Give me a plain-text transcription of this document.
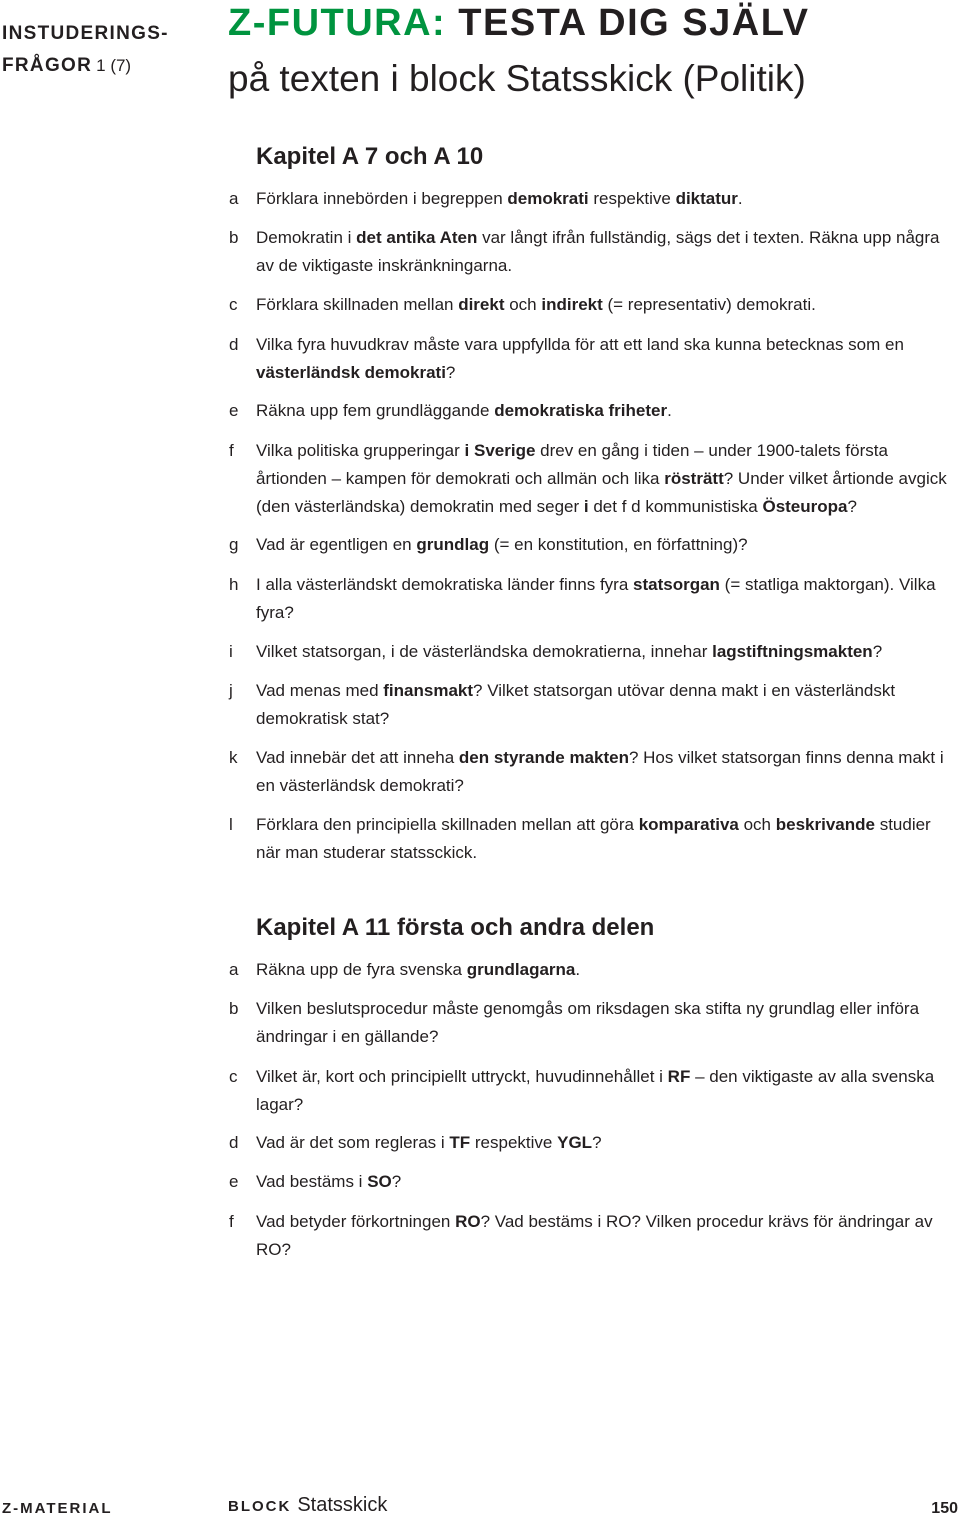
INSTUDERINGS-
FRÅGOR 1 (7)
Z-FUTURA: TESTA DIG SJÄLV
på texten i block Statsskick (Politik)
Kapitel A 7 och A 10
a Förklara innebörden i begreppen demokrati respektive diktatur.
b Demokratin i det antika Aten var långt ifrån fullständig, sägs det i texten. Räkna upp några av de viktigaste inskränkningarna.
c Förklara skillnaden mellan direkt och indirekt (= representativ) demokrati.
d Vilka fyra huvudkrav måste vara uppfyllda för att ett land ska kunna betecknas som en västerländsk demokrati?
e Räkna upp fem grundläggande demokratiska friheter.
f Vilka politiska grupperingar i Sverige drev en gång i tiden – under 1900-talets första årtionden – kampen för demokrati och allmän och lika rösträtt? Under vilket årtionde avgick (den västerländska) demokratin med seger i det f d kommunistiska Östeuropa?
g Vad är egentligen en grundlag (= en konstitution, en författning)?
h I alla västerländskt demokratiska länder finns fyra statsorgan (= statliga maktorgan). Vilka fyra?
i Vilket statsorgan, i de västerländska demokratierna, innehar lagstiftningsmakten?
j Vad menas med finansmakt? Vilket statsorgan utövar denna makt i en västerländskt demokratisk stat?
k Vad innebär det att inneha den styrande makten? Hos vilket statsorgan finns denna makt i en västerländsk demokrati?
l Förklara den principiella skillnaden mellan att göra komparativa och beskrivande studier när man studerar statssckick.
Kapitel A 11 första och andra delen
a Räkna upp de fyra svenska grundlagarna.
b Vilken beslutsprocedur måste genomgås om riksdagen ska stifta ny grundlag eller införa ändringar i en gällande?
c Vilket är, kort och principiellt uttryckt, huvudinnehållet i RF – den viktigaste av alla svenska lagar?
d Vad är det som regleras i TF respektive YGL?
e Vad bestäms i SO?
f Vad betyder förkortningen RO? Vad bestäms i RO? Vilken procedur krävs för ändringar av RO?
Z-MATERIAL	BLOCK Statsskick	150
